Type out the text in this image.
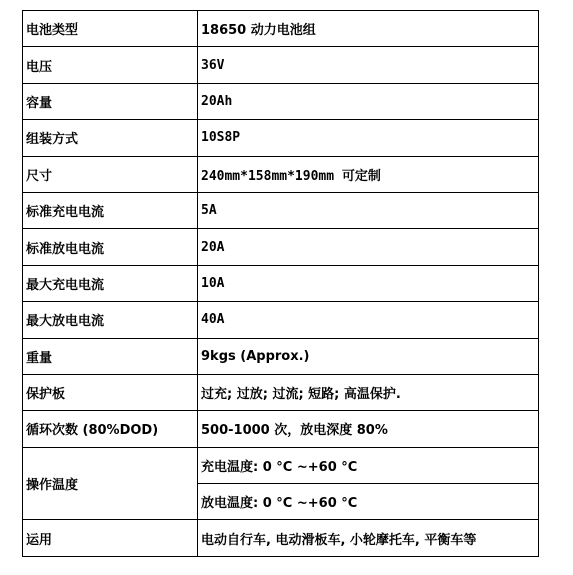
电池类型	18650 动力电池组
电压	36V
容量	20Ah
组装方式	10S8P
尺寸	240mm*158mm*190mm 可定制
标准充电电流	5A
标准放电电流	20A
最大充电电流	10A
最大放电电流	40A
重量	9kgs (Approx.)
保护板	过充; 过放; 过流; 短路; 高温保护.
循环次数 (80%DOD)	500-1000 次，放电深度 80%
操作温度	充电温度: 0 °C ~+60 °C
	放电温度: 0 °C ~+60 °C
运用	电动自行车, 电动滑板车, 小轮摩托车, 平衡车等
